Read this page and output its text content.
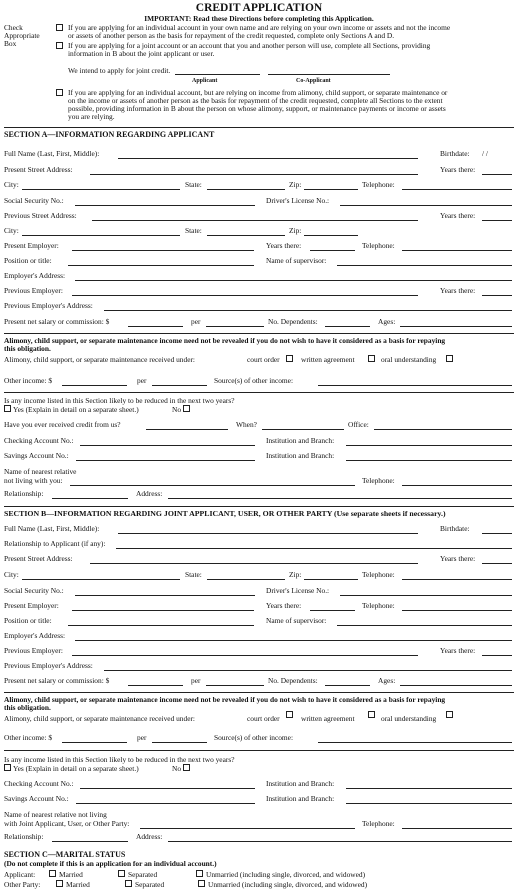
CREDIT APPLICATION
IMPORTANT: Read these Directions before completing this Application.
Check
Appropriate
Box
If you are applying for an individual account in your own name and are relying on your own income or assets and not the income
or assets of another person as the basis for repayment of the credit requested, complete only Sections A and D.
If you are applying for a joint account or an account that you and another person will use, complete all Sections, providing
information in B about the joint applicant or user.
We intend to apply for joint credit.
Applicant	Co-Applicant
If you are applying for an individual account, but are relying on income from alimony, child support, or separate maintenance or
on the income or assets of another person as the basis for repayment of the credit requested, complete all Sections to the extent
possible, providing information in B about the person on whose alimony, support, or maintenance payments or income or assets
you are relying.
SECTION A—INFORMATION REGARDING APPLICANT
Full Name (Last, First, Middle):	Birthdate: / /
Present Street Address:	Years there:
City:	State:	Zip:	Telephone:
Social Security No.:	Driver's License No.:
Previous Street Address:	Years there:
City:	State:	Zip:
Present Employer:	Years there:	Telephone:
Position or title:	Name of supervisor:
Employer's Address:
Previous Employer:	Years there:
Previous Employer's Address:
Present net salary or commission: $	per	No. Dependents:	Ages:
Alimony, child support, or separate maintenance income need not be revealed if you do not wish to have it considered as a basis for repaying
this obligation.
Alimony, child support, or separate maintenance received under:	court order	written agreement	oral understanding
Other income: $	per	Source(s) of other income:
Is any income listed in this Section likely to be reduced in the next two years?
Yes (Explain in detail on a separate sheet.)	No
Have you ever received credit from us?	When?	Office:
Checking Account No.:	Institution and Branch:
Savings Account No.:	Institution and Branch:
Name of nearest relative
not living with you:	Telephone:
Relationship:	Address:
SECTION B—INFORMATION REGARDING JOINT APPLICANT, USER, OR OTHER PARTY (Use separate sheets if necessary.)
Full Name (Last, First, Middle):	Birthdate:
Relationship to Applicant (if any):
Present Street Address:	Years there:
City:	State:	Zip:	Telephone:
Social Security No.:	Driver's License No.:
Present Employer:	Years there:	Telephone:
Position or title:	Name of supervisor:
Employer's Address:
Previous Employer:	Years there:
Previous Employer's Address:
Present net salary or commission: $	per	No. Dependents:	Ages:
Alimony, child support, or separate maintenance income need not be revealed if you do not wish to have it considered as a basis for repaying
this obligation.
Alimony, child support, or separate maintenance received under:	court order	written agreement	oral understanding
Other income: $	per	Source(s) of other income:
Is any income listed in this Section likely to be reduced in the next two years?
Yes (Explain in detail on a separate sheet.)	No
Checking Account No.:	Institution and Branch:
Savings Account No.:	Institution and Branch:
Name of nearest relative not living
with Joint Applicant, User, or Other Party:	Telephone:
Relationship:	Address:
SECTION C—MARITAL STATUS
(Do not complete if this is an application for an individual account.)
Applicant:	Married	Separated	Unmarried (including single, divorced, and widowed)
Other Party:	Married	Separated	Unmarried (including single, divorced, and widowed)
